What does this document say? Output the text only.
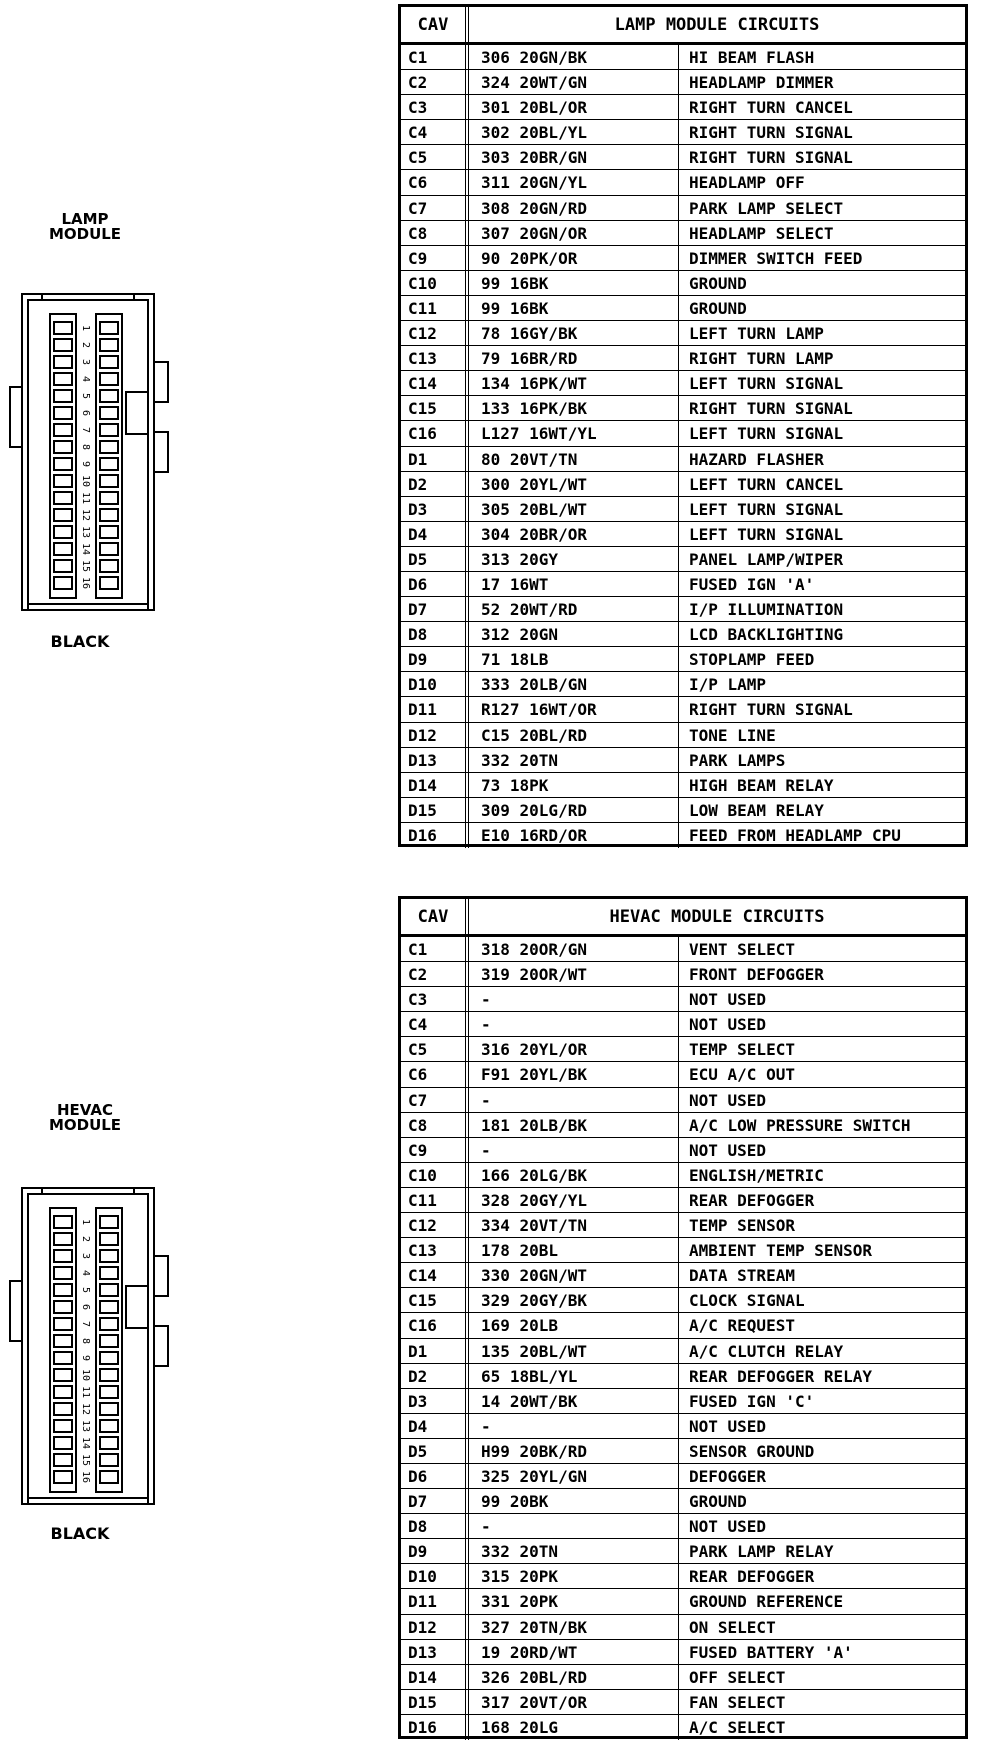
LAMP
MODULE
1
2
3
4
5
6
7
8
9
10
11
12
13
14
15
16
BLACK
CAV	LAMP MODULE CIRCUITS
C1	306 20GN/BK	HI BEAM FLASH
C2	324 20WT/GN	HEADLAMP DIMMER
C3	301 20BL/OR	RIGHT TURN CANCEL
C4	302 20BL/YL	RIGHT TURN SIGNAL
C5	303 20BR/GN	RIGHT TURN SIGNAL
C6	311 20GN/YL	HEADLAMP OFF
C7	308 20GN/RD	PARK LAMP SELECT
C8	307 20GN/OR	HEADLAMP SELECT
C9	90 20PK/OR	DIMMER SWITCH FEED
C10	99 16BK	GROUND
C11	99 16BK	GROUND
C12	78 16GY/BK	LEFT TURN LAMP
C13	79 16BR/RD	RIGHT TURN LAMP
C14	134 16PK/WT	LEFT TURN SIGNAL
C15	133 16PK/BK	RIGHT TURN SIGNAL
C16	L127 16WT/YL	LEFT TURN SIGNAL
D1	80 20VT/TN	HAZARD FLASHER
D2	300 20YL/WT	LEFT TURN CANCEL
D3	305 20BL/WT	LEFT TURN SIGNAL
D4	304 20BR/OR	LEFT TURN SIGNAL
D5	313 20GY	PANEL LAMP/WIPER
D6	17 16WT	FUSED IGN 'A'
D7	52 20WT/RD	I/P ILLUMINATION
D8	312 20GN	LCD BACKLIGHTING
D9	71 18LB	STOPLAMP FEED
D10	333 20LB/GN	I/P LAMP
D11	R127 16WT/OR	RIGHT TURN SIGNAL
D12	C15 20BL/RD	TONE LINE
D13	332 20TN	PARK LAMPS
D14	73 18PK	HIGH BEAM RELAY
D15	309 20LG/RD	LOW BEAM RELAY
D16	E10 16RD/OR	FEED FROM HEADLAMP CPU
HEVAC
MODULE
1
2
3
4
5
6
7
8
9
10
11
12
13
14
15
16
BLACK
CAV	HEVAC MODULE CIRCUITS
C1	318 20OR/GN	VENT SELECT
C2	319 20OR/WT	FRONT DEFOGGER
C3	-	NOT USED
C4	-	NOT USED
C5	316 20YL/OR	TEMP SELECT
C6	F91 20YL/BK	ECU A/C OUT
C7	-	NOT USED
C8	181 20LB/BK	A/C LOW PRESSURE SWITCH
C9	-	NOT USED
C10	166 20LG/BK	ENGLISH/METRIC
C11	328 20GY/YL	REAR DEFOGGER
C12	334 20VT/TN	TEMP SENSOR
C13	178 20BL	AMBIENT TEMP SENSOR
C14	330 20GN/WT	DATA STREAM
C15	329 20GY/BK	CLOCK SIGNAL
C16	169 20LB	A/C REQUEST
D1	135 20BL/WT	A/C CLUTCH RELAY
D2	65 18BL/YL	REAR DEFOGGER RELAY
D3	14 20WT/BK	FUSED IGN 'C'
D4	-	NOT USED
D5	H99 20BK/RD	SENSOR GROUND
D6	325 20YL/GN	DEFOGGER
D7	99 20BK	GROUND
D8	-	NOT USED
D9	332 20TN	PARK LAMP RELAY
D10	315 20PK	REAR DEFOGGER
D11	331 20PK	GROUND REFERENCE
D12	327 20TN/BK	ON SELECT
D13	19 20RD/WT	FUSED BATTERY 'A'
D14	326 20BL/RD	OFF SELECT
D15	317 20VT/OR	FAN SELECT
D16	168 20LG	A/C SELECT
